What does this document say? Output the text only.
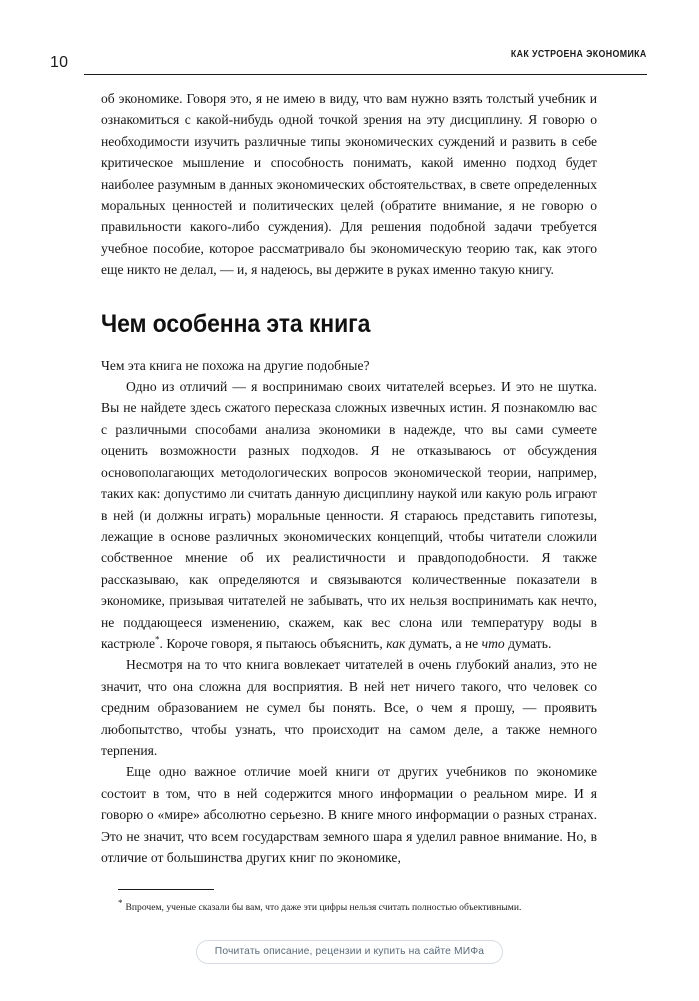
10	КАК УСТРОЕНА ЭКОНОМИКА

об экономике. Говоря это, я не имею в виду, что вам нужно взять толстый учебник и ознакомиться с какой-нибудь одной точкой зрения на эту дисциплину. Я говорю о необходимости изучить различные типы экономических суждений и развить в себе критическое мышление и способность понимать, какой именно подход будет наиболее разумным в данных экономических обстоятельствах, в свете определенных моральных ценностей и политических целей (обратите внимание, я не говорю о правильности какого-либо суждения). Для решения подобной задачи требуется учебное пособие, которое рассматривало бы экономическую теорию так, как этого еще никто не делал, — и, я надеюсь, вы держите в руках именно такую книгу.

Чем особенна эта книга

Чем эта книга не похожа на другие подобные?

Одно из отличий — я воспринимаю своих читателей всерьез. И это не шутка. Вы не найдете здесь сжатого пересказа сложных извечных истин. Я познакомлю вас с различными способами анализа экономики в надежде, что вы сами сумеете оценить возможности разных подходов. Я не отказываюсь от обсуждения основополагающих методологических вопросов экономической теории, например, таких как: допустимо ли считать данную дисциплину наукой или какую роль играют в ней (и должны играть) моральные ценности. Я стараюсь представить гипотезы, лежащие в основе различных экономических концепций, чтобы читатели сложили собственное мнение об их реалистичности и правдоподобности. Я также рассказываю, как определяются и связываются количественные показатели в экономике, призывая читателей не забывать, что их нельзя воспринимать как нечто, не поддающееся изменению, скажем, как вес слона или температуру воды в кастрюле*. Короче говоря, я пытаюсь объяснить, как думать, а не что думать.

Несмотря на то что книга вовлекает читателей в очень глубокий анализ, это не значит, что она сложна для восприятия. В ней нет ничего такого, что человек со средним образованием не сумел бы понять. Все, о чем я прошу, — проявить любопытство, чтобы узнать, что происходит на самом деле, а также немного терпения.

Еще одно важное отличие моей книги от других учебников по экономике состоит в том, что в ней содержится много информации о реальном мире. И я говорю о «мире» абсолютно серьезно. В книге много информации о разных странах. Это не значит, что всем государствам земного шара я уделил равное внимание. Но, в отличие от большинства других книг по экономике,

* Впрочем, ученые сказали бы вам, что даже эти цифры нельзя считать полностью объективными.
Почитать описание, рецензии и купить на сайте МИФа
